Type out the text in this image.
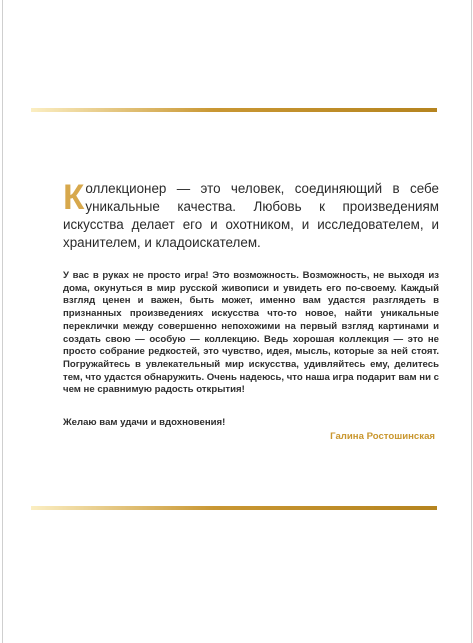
Коллекционер — это человек, соединяющий в себе уникальные качества. Любовь к произведениям искусства делает его и охотником, и исследователем, и хранителем, и кладоискателем.
У вас в руках не просто игра! Это возможность. Возможность, не выходя из дома, окунуться в мир русской живописи и увидеть его по-своему. Каждый взгляд ценен и важен, быть может, именно вам удастся разглядеть в признанных произведениях искусства что-то новое, найти уникальные переклички между совершенно непохожими на первый взгляд картинами и создать свою — особую — коллекцию. Ведь хорошая коллекция — это не просто собрание редкостей, это чувство, идея, мысль, которые за ней стоят. Погружайтесь в увлекательный мир искусства, удивляйтесь ему, делитесь тем, что удастся обнаружить. Очень надеюсь, что наша игра подарит вам ни с чем не сравнимую радость открытия!
Желаю вам удачи и вдохновения!
Галина Ростошинская
